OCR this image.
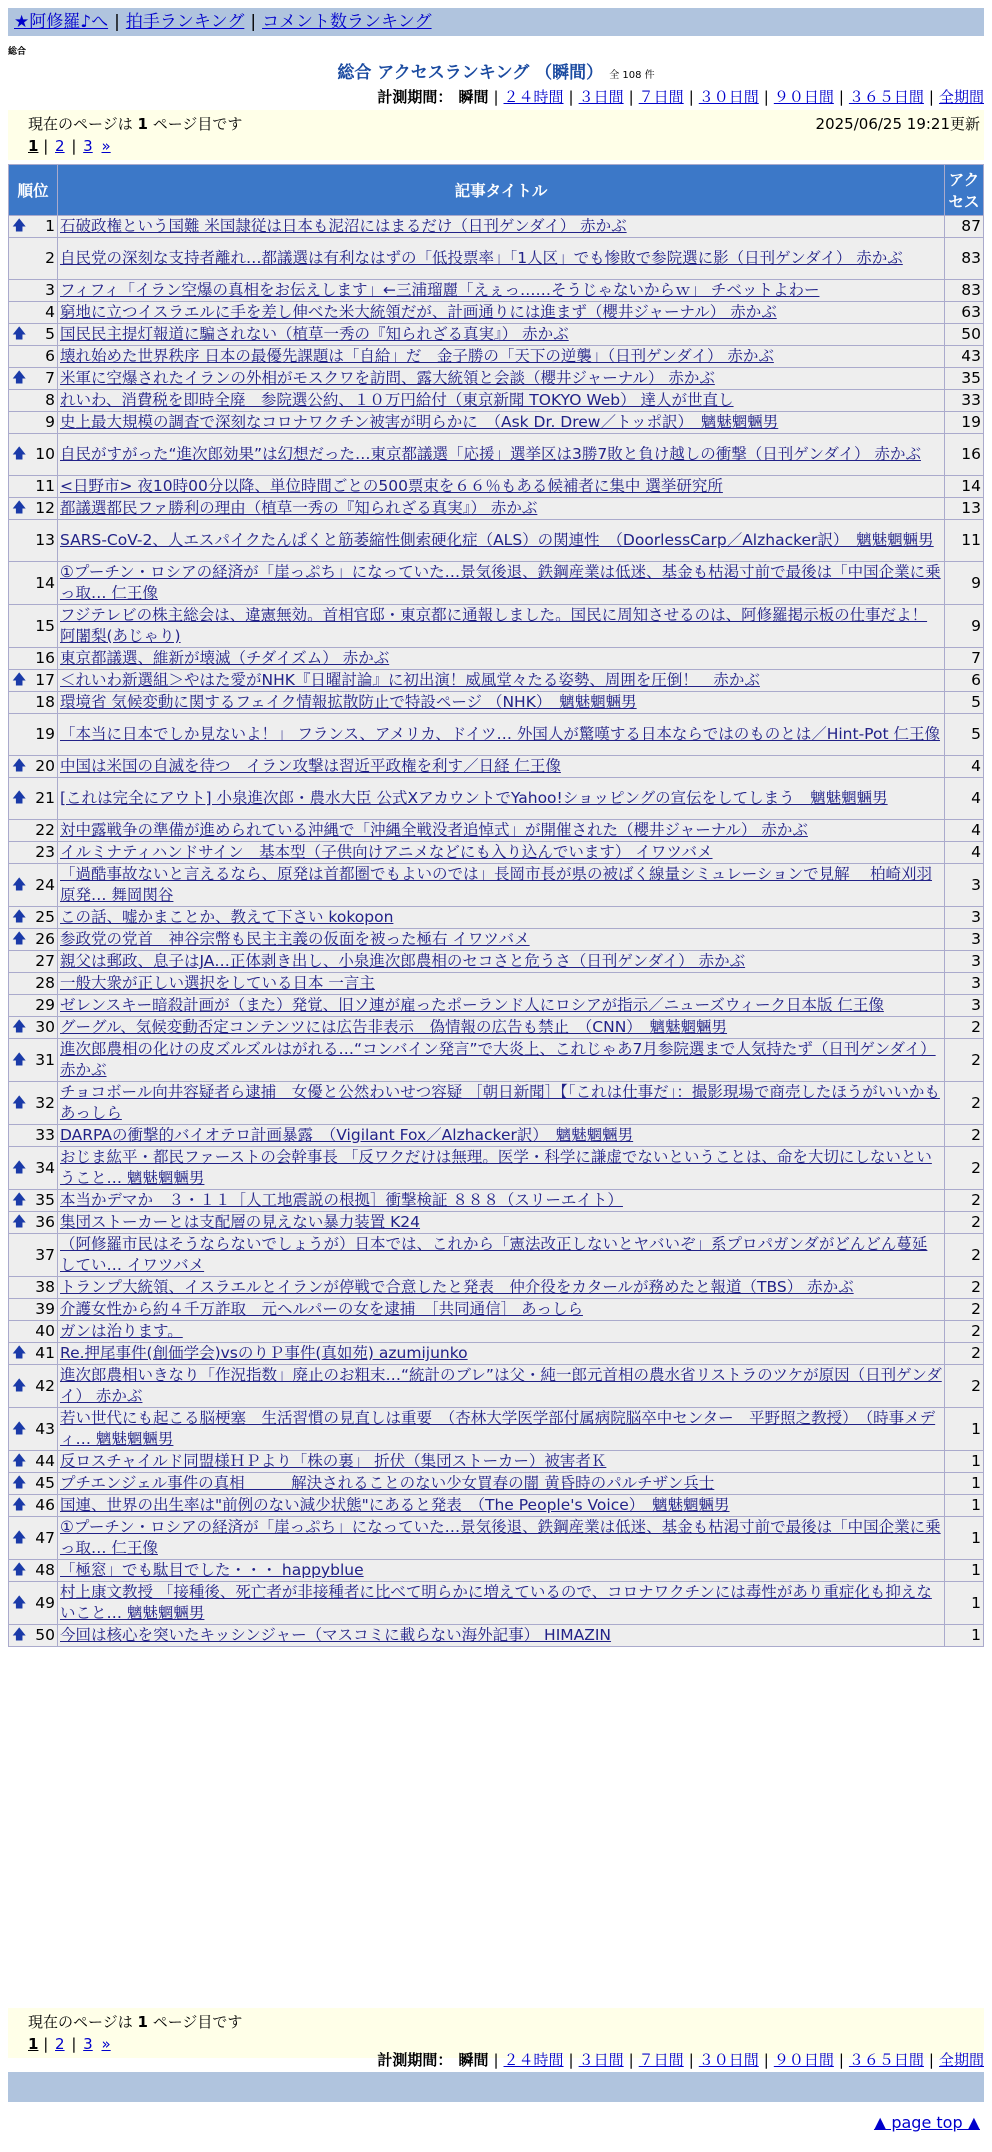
★阿修羅♪へ | 拍手ランキング | コメント数ランキング
総合
総合 アクセスランキング （瞬間） 全 108 件
計測期間： 瞬間 | ２４時間 | ３日間 | ７日間 | ３０日間 | ９０日間 | ３６５日間 | 全期間
現在のページは 1 ページ目です	2025/06/25 19:21更新
1 | 2 | 3 »
順位	記事タイトル	アクセス

🡅 1	石破政権という国難 米国隷従は日本も泥沼にはまるだけ（日刊ゲンダイ） 赤かぶ	87
2	自民党の深刻な支持者離れ…都議選は有利なはずの「低投票率」「1人区」でも惨敗で参院選に影（日刊ゲンダイ） 赤かぶ	83
3	フィフィ「イラン空爆の真相をお伝えします」←三浦瑠麗「えぇっ……そうじゃないからｗ」 チベットよわー	83
4	窮地に立つイスラエルに手を差し伸べた米大統領だが、計画通りには進まず（櫻井ジャーナル） 赤かぶ	63

🡅 5	国民民主提灯報道に騙されない（植草一秀の『知られざる真実』） 赤かぶ	50
6	壊れ始めた世界秩序 日本の最優先課題は「自給」だ　金子勝の「天下の逆襲」（日刊ゲンダイ） 赤かぶ	43

🡅 7	米軍に空爆されたイランの外相がモスクワを訪問、露大統領と会談（櫻井ジャーナル） 赤かぶ	35
8	れいわ、消費税を即時全廃　参院選公約、１０万円給付（東京新聞 TOKYO Web） 達人が世直し	33
9	史上最大規模の調査で深刻なコロナワクチン被害が明らかに　（Ask Dr. Drew／トッポ訳）　魑魅魍魎男	19

🡅 10	自民がすがった“進次郎効果”は幻想だった…東京都議選「応援」選挙区は3勝7敗と負け越しの衝撃（日刊ゲンダイ） 赤かぶ	16
11	<日野市> 夜10時00分以降、単位時間ごとの500票束を６６％もある候補者に集中 選挙研究所	14

🡅 12	都議選都民ファ勝利の理由（植草一秀の『知られざる真実』） 赤かぶ	13
13	SARS-CoV-2、人エスパイクたんぱくと筋萎縮性側索硬化症（ALS）の関連性　（DoorlessCarp／Alzhacker訳）　魑魅魍魎男	11
14	①プーチン・ロシアの経済が「崖っぷち」になっていた…景気後退、鉄鋼産業は低迷、基金も枯渇寸前で最後は「中国企業に乗っ取… 仁王像	9
15	フジテレビの株主総会は、違憲無効。首相官邸・東京都に通報しました。国民に周知させるのは、阿修羅掲示板の仕事だよ！ 阿闍梨(あじゃり)	9
16	東京都議選、維新が壊滅（チダイズム） 赤かぶ	7

🡅 17	＜れいわ新選組＞やはた愛がNHK『日曜討論』に初出演！威風堂々たる姿勢、周囲を圧倒！　赤かぶ	6
18	環境省 気候変動に関するフェイク情報拡散防止で特設ページ （NHK）　魑魅魍魎男	5
19	「本当に日本でしか見ないよ！」 フランス、アメリカ、ドイツ… 外国人が驚嘆する日本ならではのものとは／Hint-Pot 仁王像	5

🡅 20	中国は米国の自滅を待つ　イラン攻撃は習近平政権を利す／日経 仁王像	4

🡅 21	[これは完全にアウト] 小泉進次郎・農水大臣 公式XアカウントでYahoo!ショッピングの宣伝をしてしまう　魑魅魍魎男	4
22	対中露戦争の準備が進められている沖縄で「沖縄全戦没者追悼式」が開催された（櫻井ジャーナル） 赤かぶ	4
23	イルミナティハンドサイン　基本型（子供向けアニメなどにも入り込んでいます） イワツバメ	4

🡅 24	「過酷事故ないと言えるなら、原発は首都圏でもよいのでは」長岡市長が県の被ばく線量シミュレーションで見解　 柏崎刈羽原発… 舞岡関谷	3

🡅 25	この話、嘘かまことか、教えて下さい kokopon	3

🡅 26	参政党の党首　神谷宗幣も民主主義の仮面を被った極右 イワツバメ	3
27	親父は郵政、息子はJA…正体剥き出し、小泉進次郎農相のセコさと危うさ（日刊ゲンダイ） 赤かぶ	3
28	一般大衆が正しい選択をしている日本 一言主	3
29	ゼレンスキー暗殺計画が（また）発覚、旧ソ連が雇ったポーランド人にロシアが指示／ニューズウィーク日本版 仁王像	3

🡅 30	グーグル、気候変動否定コンテンツには広告非表示　偽情報の広告も禁止　（CNN）　魑魅魍魎男	2

🡅 31	進次郎農相の化けの皮ズルズルはがれる…“コンバイン発言”で大炎上、これじゃあ7月参院選まで人気持たず（日刊ゲンダイ） 赤かぶ	2

🡅 32	チョコボール向井容疑者ら逮捕　女優と公然わいせつ容疑 ［朝日新聞］【「これは仕事だ」：撮影現場で商売したほうがいいかも あっしら	2
33	DARPAの衝撃的バイオテロ計画暴露　（Vigilant Fox／Alzhacker訳）　魑魅魍魎男	2

🡅 34	おじま紘平・都民ファーストの会幹事長 「反ワクだけは無理。医学・科学に謙虚でないということは、命を大切にしないということ… 魑魅魍魎男	2

🡅 35	本当かデマか　３・１１［人工地震説の根拠］衝撃検証 ８８８（スリーエイト）	2

🡅 36	集団ストーカーとは支配層の見えない暴力装置 K24	2
37	（阿修羅市民はそうならないでしょうが）日本では、これから「憲法改正しないとヤバいぞ」系プロパガンダがどんどん蔓延してい… イワツバメ	2
38	トランプ大統領、イスラエルとイランが停戦で合意したと発表　仲介役をカタールが務めたと報道（TBS） 赤かぶ	2
39	介護女性から約４千万詐取　元ヘルパーの女を逮捕　［共同通信］ あっしら	2
40	ガンは治ります。	2

🡅 41	Re.押尾事件(創価学会)vsのりＰ事件(真如苑) azumijunko	2

🡅 42	進次郎農相いきなり「作況指数」廃止のお粗末…“統計のブレ”は父・純一郎元首相の農水省リストラのツケが原因（日刊ゲンダイ） 赤かぶ	2

🡅 43	若い世代にも起こる脳梗塞　生活習慣の見直しは重要　（杏林大学医学部付属病院脳卒中センター　平野照之教授）　（時事メディ… 魑魅魍魎男	1

🡅 44	反ロスチャイルド同盟様ＨＰより「株の裏」 折伏（集団ストーカー）被害者Ｋ	1

🡅 45	プチエンジェル事件の真相　　　解決されることのない少女買春の闇 黄昏時のパルチザン兵士	1

🡅 46	国連、世界の出生率は"前例のない減少状態"にあると発表　（The People's Voice）　魑魅魍魎男	1

🡅 47	①プーチン・ロシアの経済が「崖っぷち」になっていた…景気後退、鉄鋼産業は低迷、基金も枯渇寸前で最後は「中国企業に乗っ取… 仁王像	1

🡅 48	「極窓」でも駄目でした・・・ happyblue	1

🡅 49	村上康文教授 「接種後、死亡者が非接種者に比べて明らかに増えているので、コロナワクチンには毒性があり重症化も抑えないこと… 魑魅魍魎男	1

🡅 50	今回は核心を突いたキッシンジャー（マスコミに載らない海外記事） HIMAZIN	1
現在のページは 1 ページ目です
1 | 2 | 3 »
計測期間： 瞬間 | ２４時間 | ３日間 | ７日間 | ３０日間 | ９０日間 | ３６５日間 | 全期間
▲ page top ▲
